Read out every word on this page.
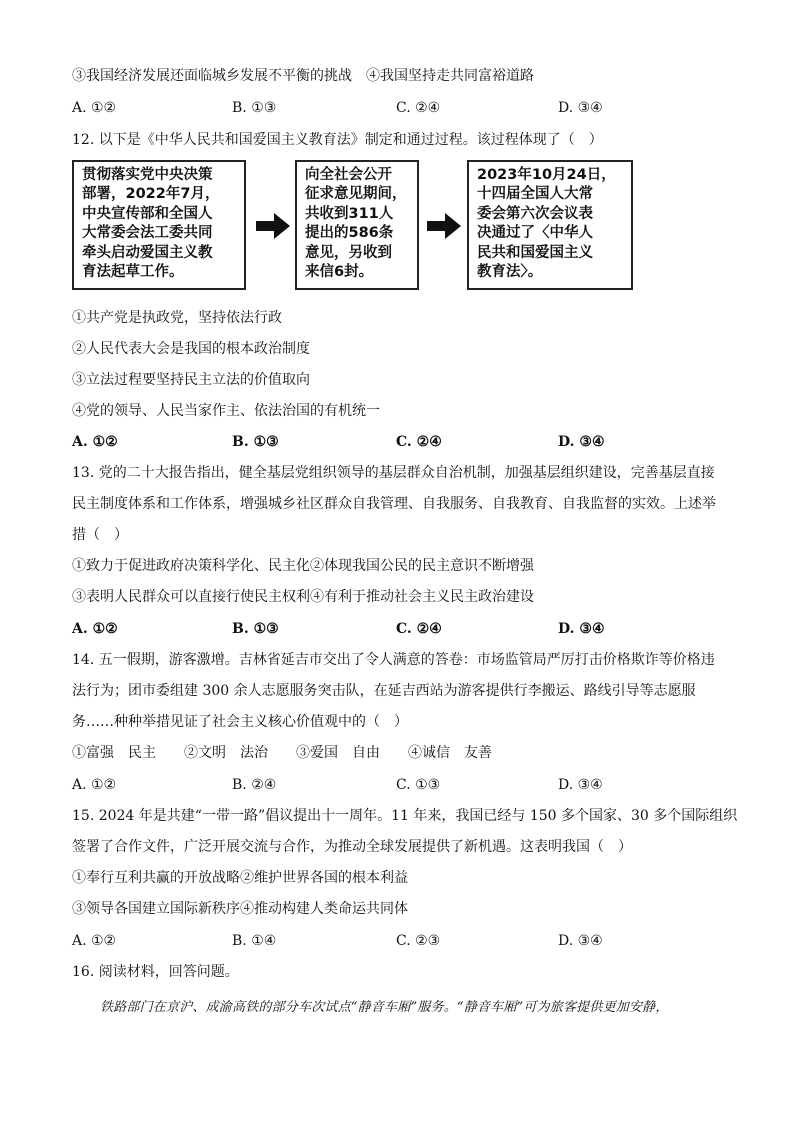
③我国经济发展还面临城乡发展不平衡的挑战　④我国坚持走共同富裕道路
A. ①②	B. ①③	C. ②④	D. ③④
12. 以下是《中华人民共和国爱国主义教育法》制定和通过过程。该过程体现了（　）
贯彻落实党中央决策
部署，2022年7月，
中央宣传部和全国人
大常委会法工委共同
牵头启动爱国主义教
育法起草工作。
向全社会公开
征求意见期间，
共收到311人
提出的586条
意见，另收到
来信6封。
2023年10月24日，
十四届全国人大常
委会第六次会议表
决通过了〈中华人
民共和国爱国主义
教育法〉。
①共产党是执政党，坚持依法行政
②人民代表大会是我国的根本政治制度
③立法过程要坚持民主立法的价值取向
④党的领导、人民当家作主、依法治国的有机统一
A. ①②	B. ①③	C. ②④	D. ③④
13. 党的二十大报告指出，健全基层党组织领导的基层群众自治机制，加强基层组织建设，完善基层直接
民主制度体系和工作体系，增强城乡社区群众自我管理、自我服务、自我教育、自我监督的实效。上述举
措（　）
①致力于促进政府决策科学化、民主化②体现我国公民的民主意识不断增强
③表明人民群众可以直接行使民主权利④有利于推动社会主义民主政治建设
A. ①②	B. ①③	C. ②④	D. ③④
14. 五一假期，游客激增。吉林省延吉市交出了令人满意的答卷：市场监管局严厉打击价格欺诈等价格违
法行为；团市委组建 300 余人志愿服务突击队，在延吉西站为游客提供行李搬运、路线引导等志愿服
务……种种举措见证了社会主义核心价值观中的（　）
①富强　民主　　②文明　法治　　③爱国　自由　　④诚信　友善
A. ①②	B. ②④	C. ①③	D. ③④
15. 2024 年是共建“一带一路”倡议提出十一周年。11 年来，我国已经与 150 多个国家、30 多个国际组织
签署了合作文件，广泛开展交流与合作，为推动全球发展提供了新机遇。这表明我国（　）
①奉行互利共赢的开放战略②维护世界各国的根本利益
③领导各国建立国际新秩序④推动构建人类命运共同体
A. ①②	B. ①④	C. ②③	D. ③④
16. 阅读材料，回答问题。
铁路部门在京沪、成渝高铁的部分车次试点“静音车厢”服务。“静音车厢”可为旅客提供更加安静，
